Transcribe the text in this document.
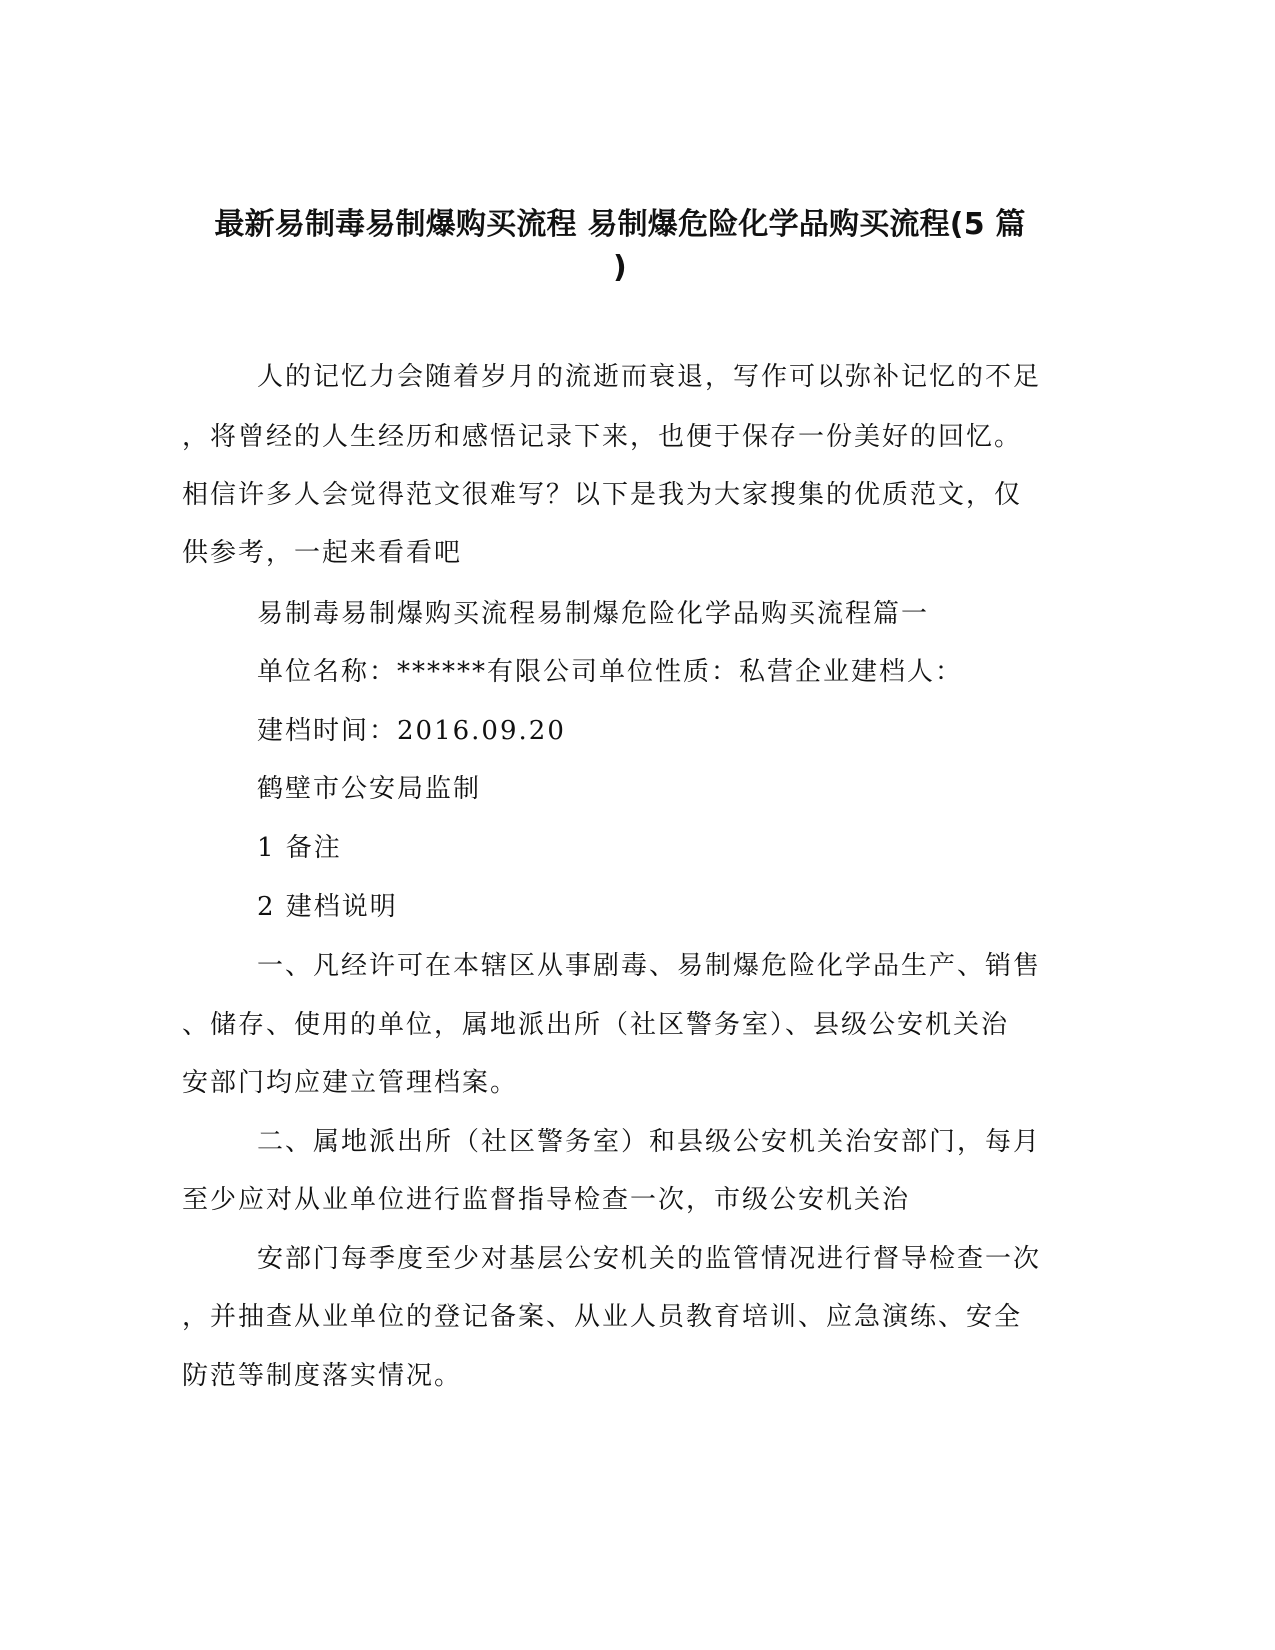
最新易制毒易制爆购买流程 易制爆危险化学品购买流程(5 篇
)
人的记忆力会随着岁月的流逝而衰退，写作可以弥补记忆的不足
，将曾经的人生经历和感悟记录下来，也便于保存一份美好的回忆。
相信许多人会觉得范文很难写？以下是我为大家搜集的优质范文，仅
供参考，一起来看看吧
易制毒易制爆购买流程易制爆危险化学品购买流程篇一
单位名称：******有限公司单位性质：私营企业建档人：
建档时间：2016.09.20
鹤壁市公安局监制
1 备注
2 建档说明
一、凡经许可在本辖区从事剧毒、易制爆危险化学品生产、销售
、储存、使用的单位，属地派出所（社区警务室）、县级公安机关治
安部门均应建立管理档案。
二、属地派出所（社区警务室）和县级公安机关治安部门，每月
至少应对从业单位进行监督指导检查一次，市级公安机关治
安部门每季度至少对基层公安机关的监管情况进行督导检查一次
，并抽查从业单位的登记备案、从业人员教育培训、应急演练、安全
防范等制度落实情况。
